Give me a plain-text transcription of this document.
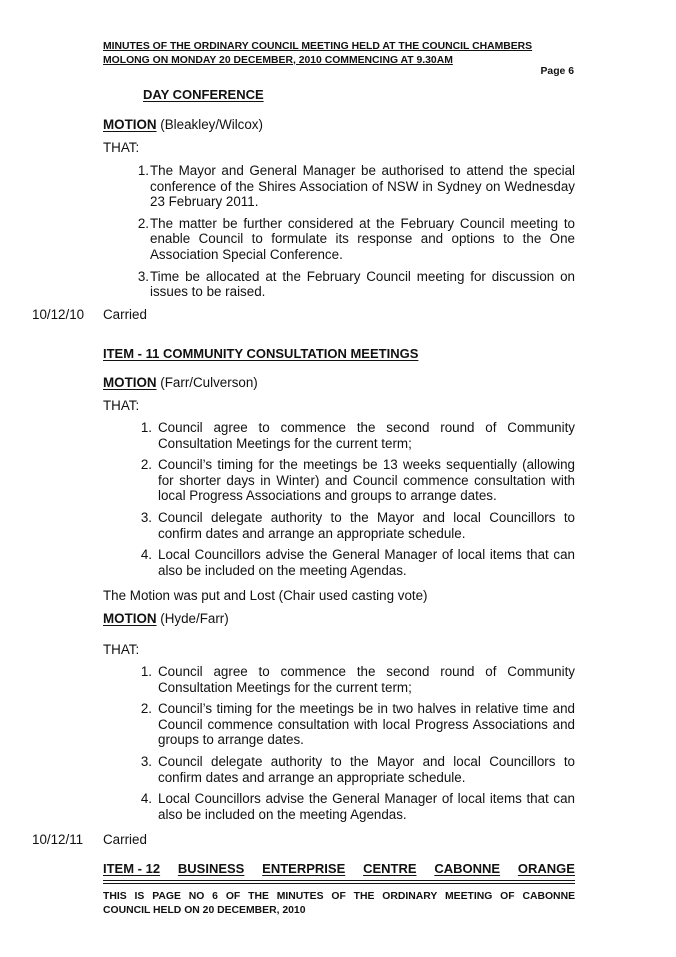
MINUTES OF THE ORDINARY COUNCIL MEETING HELD AT THE COUNCIL CHAMBERS
MOLONG ON MONDAY 20 DECEMBER, 2010 COMMENCING AT 9.30AM
Page 6
DAY CONFERENCE
MOTION (Bleakley/Wilcox)
THAT:
1. The Mayor and General Manager be authorised to attend the special conference of the Shires Association of NSW in Sydney on Wednesday 23 February 2011.
2. The matter be further considered at the February Council meeting to enable Council to formulate its response and options to the One Association Special Conference.
3. Time be allocated at the February Council meeting for discussion on issues to be raised.
10/12/10 Carried
ITEM - 11 COMMUNITY CONSULTATION MEETINGS
MOTION (Farr/Culverson)
THAT:
1. Council agree to commence the second round of Community Consultation Meetings for the current term;
2. Council’s timing for the meetings be 13 weeks sequentially (allowing for shorter days in Winter) and Council commence consultation with local Progress Associations and groups to arrange dates.
3. Council delegate authority to the Mayor and local Councillors to confirm dates and arrange an appropriate schedule.
4. Local Councillors advise the General Manager of local items that can also be included on the meeting Agendas.
The Motion was put and Lost (Chair used casting vote)
MOTION (Hyde/Farr)
THAT:
1. Council agree to commence the second round of Community Consultation Meetings for the current term;
2. Council’s timing for the meetings be in two halves in relative time and Council commence consultation with local Progress Associations and groups to arrange dates.
3. Council delegate authority to the Mayor and local Councillors to confirm dates and arrange an appropriate schedule.
4. Local Councillors advise the General Manager of local items that can also be included on the meeting Agendas.
10/12/11 Carried
ITEM - 12 BUSINESS ENTERPRISE CENTRE CABONNE ORANGE
THIS IS PAGE NO 6 OF THE MINUTES OF THE ORDINARY MEETING OF CABONNE
COUNCIL HELD ON 20 DECEMBER, 2010
